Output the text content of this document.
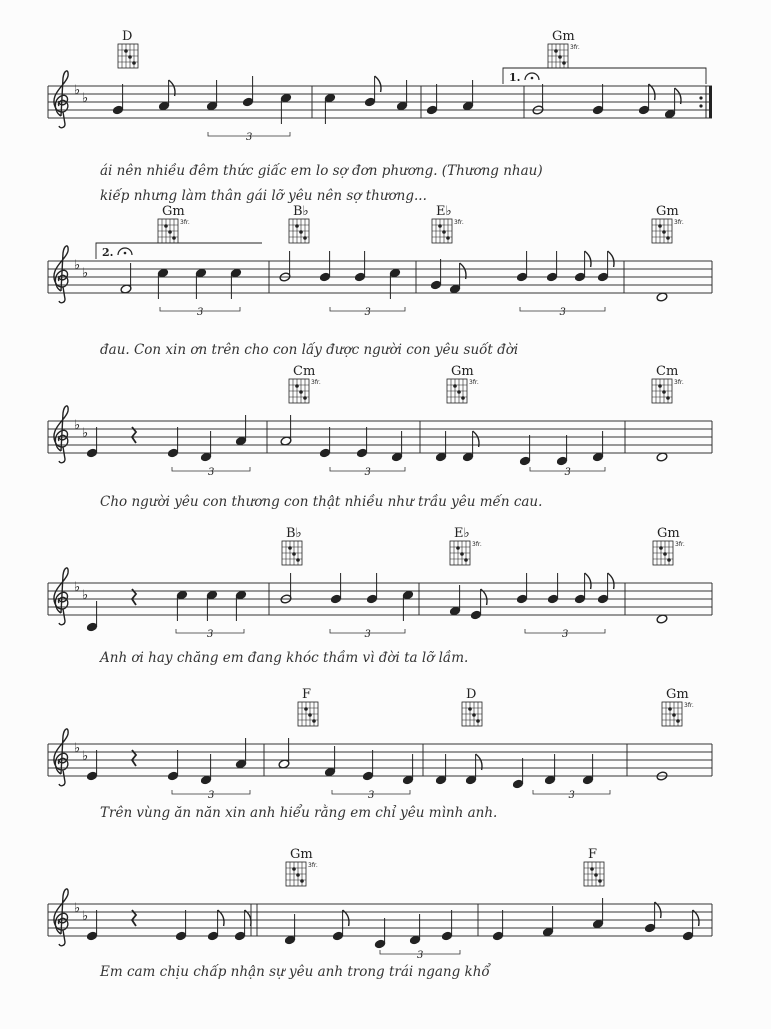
♭
♭
1.
D	Gm
3fr.
3
ái nên nhiều đêm thức giấc em lo sợ đơn phương. (Thương nhau)
kiếp nhưng làm thân gái lỡ yêu nên sợ thương...
♭
♭
2.
Gm
3fr.
B♭	E♭
3fr.
Gm
3fr.
3	3	3
đau. Con xin ơn trên cho con lấy được người con yêu suốt đời
♭
♭
Cm
3fr.
Gm
3fr.
Cm
3fr.
3	3	3
Cho người yêu con thương con thật nhiều như trầu yêu mến cau.
♭
♭
B♭	E♭
3fr.
Gm
3fr.
3	3	3
Anh ơi hay chăng em đang khóc thầm vì đời ta lỡ lầm.
♭
♭
F	D	Gm
3fr.
3	3	3
Trên vùng ăn năn xin anh hiểu rằng em chỉ yêu mình anh.
♭
♭
Gm
3fr.
F
3
Em cam chịu chấp nhận sự yêu anh trong trái ngang khổ
